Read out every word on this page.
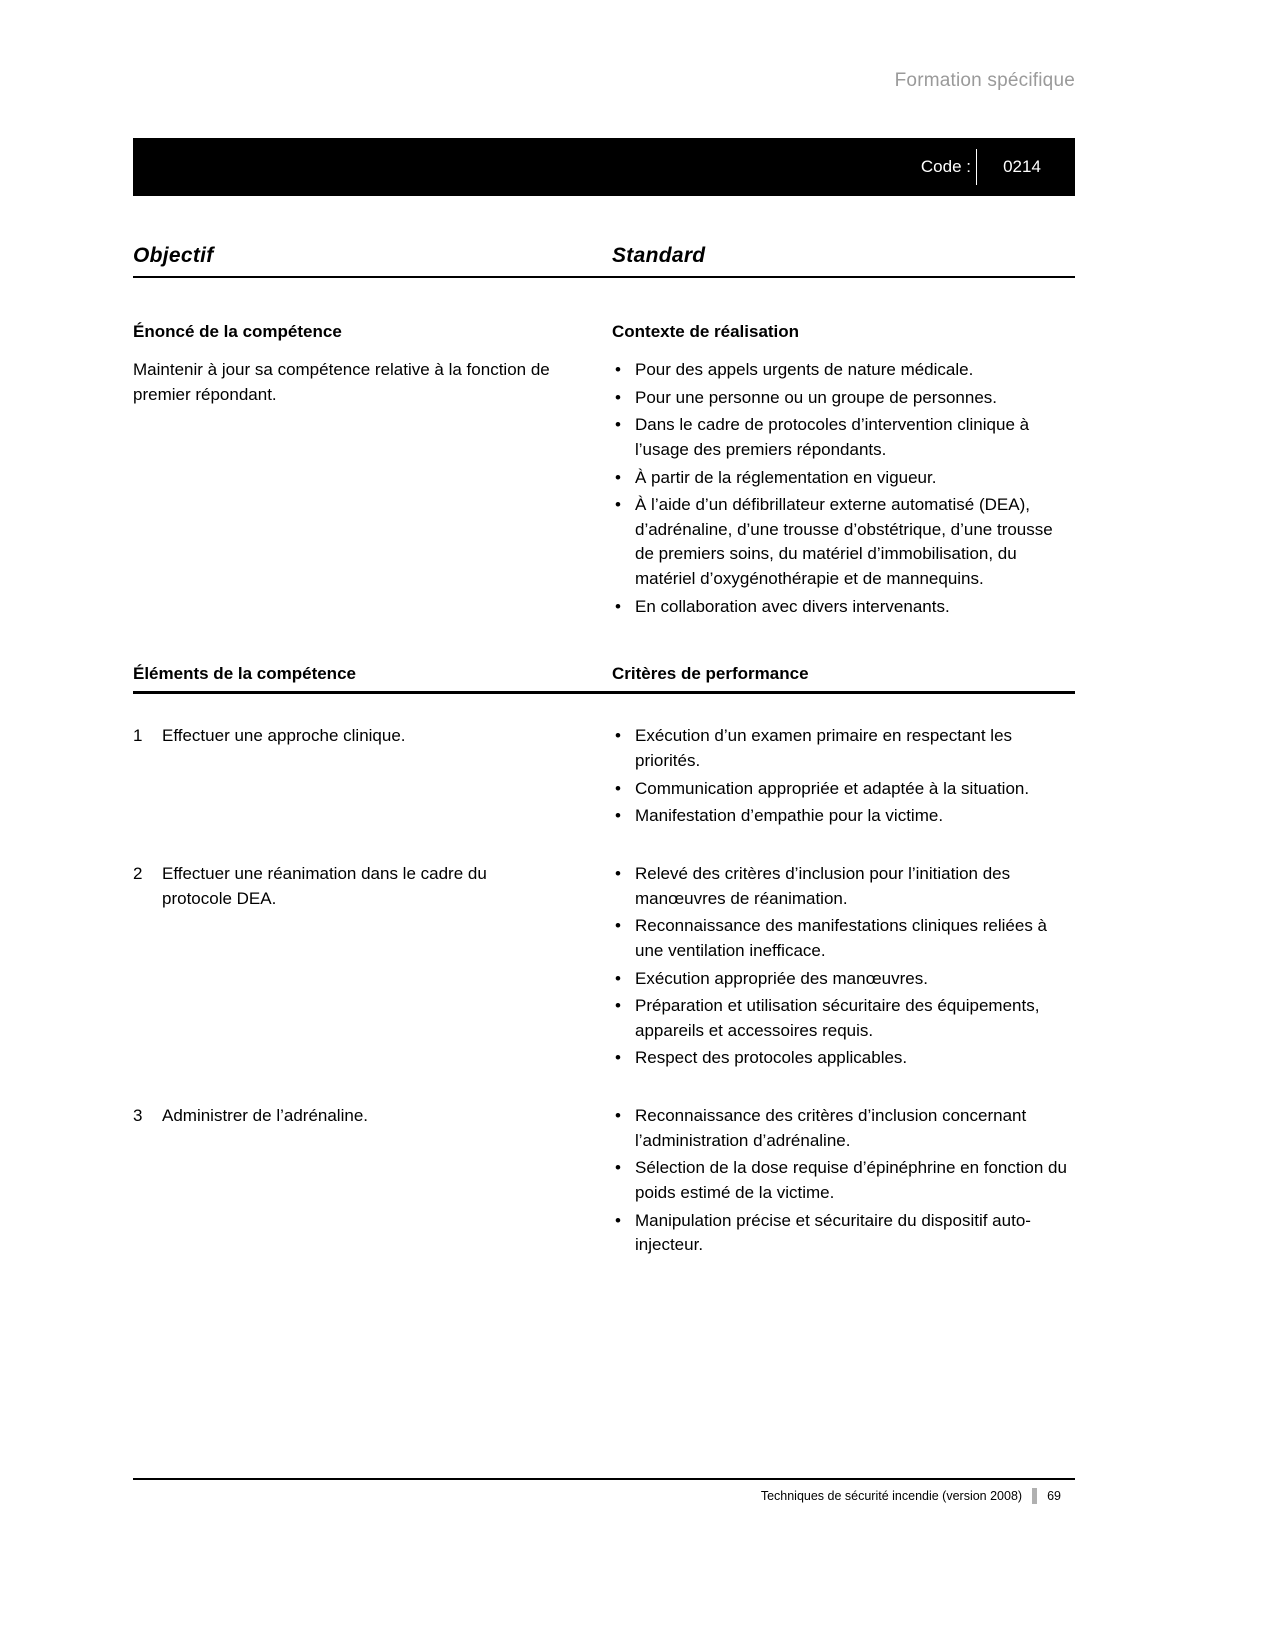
Formation spécifique
Code :	0214
Objectif	Standard
Énoncé de la compétence	Contexte de réalisation
Maintenir à jour sa compétence relative à la fonction de premier répondant.
• Pour des appels urgents de nature médicale.
• Pour une personne ou un groupe de personnes.
• Dans le cadre de protocoles d’intervention clinique à l’usage des premiers répondants.
• À partir de la réglementation en vigueur.
• À l’aide d’un défibrillateur externe automatisé (DEA), d’adrénaline, d’une trousse d’obstétrique, d’une trousse de premiers soins, du matériel d’immobilisation, du matériel d’oxygénothérapie et de mannequins.
• En collaboration avec divers intervenants.
Éléments de la compétence	Critères de performance
1	Effectuer une approche clinique.	• Exécution d’un examen primaire en respectant les priorités.
• Communication appropriée et adaptée à la situation.
• Manifestation d’empathie pour la victime.
2	Effectuer une réanimation dans le cadre du protocole DEA.
• Relevé des critères d’inclusion pour l’initiation des manœuvres de réanimation.
• Reconnaissance des manifestations cliniques reliées à une ventilation inefficace.
• Exécution appropriée des manœuvres.
• Préparation et utilisation sécuritaire des équipements, appareils et accessoires requis.
• Respect des protocoles applicables.
3	Administrer de l’adrénaline.	• Reconnaissance des critères d’inclusion concernant l’administration d’adrénaline.
• Sélection de la dose requise d’épinéphrine en fonction du poids estimé de la victime.
• Manipulation précise et sécuritaire du dispositif auto-injecteur.
Techniques de sécurité incendie (version 2008) 69
